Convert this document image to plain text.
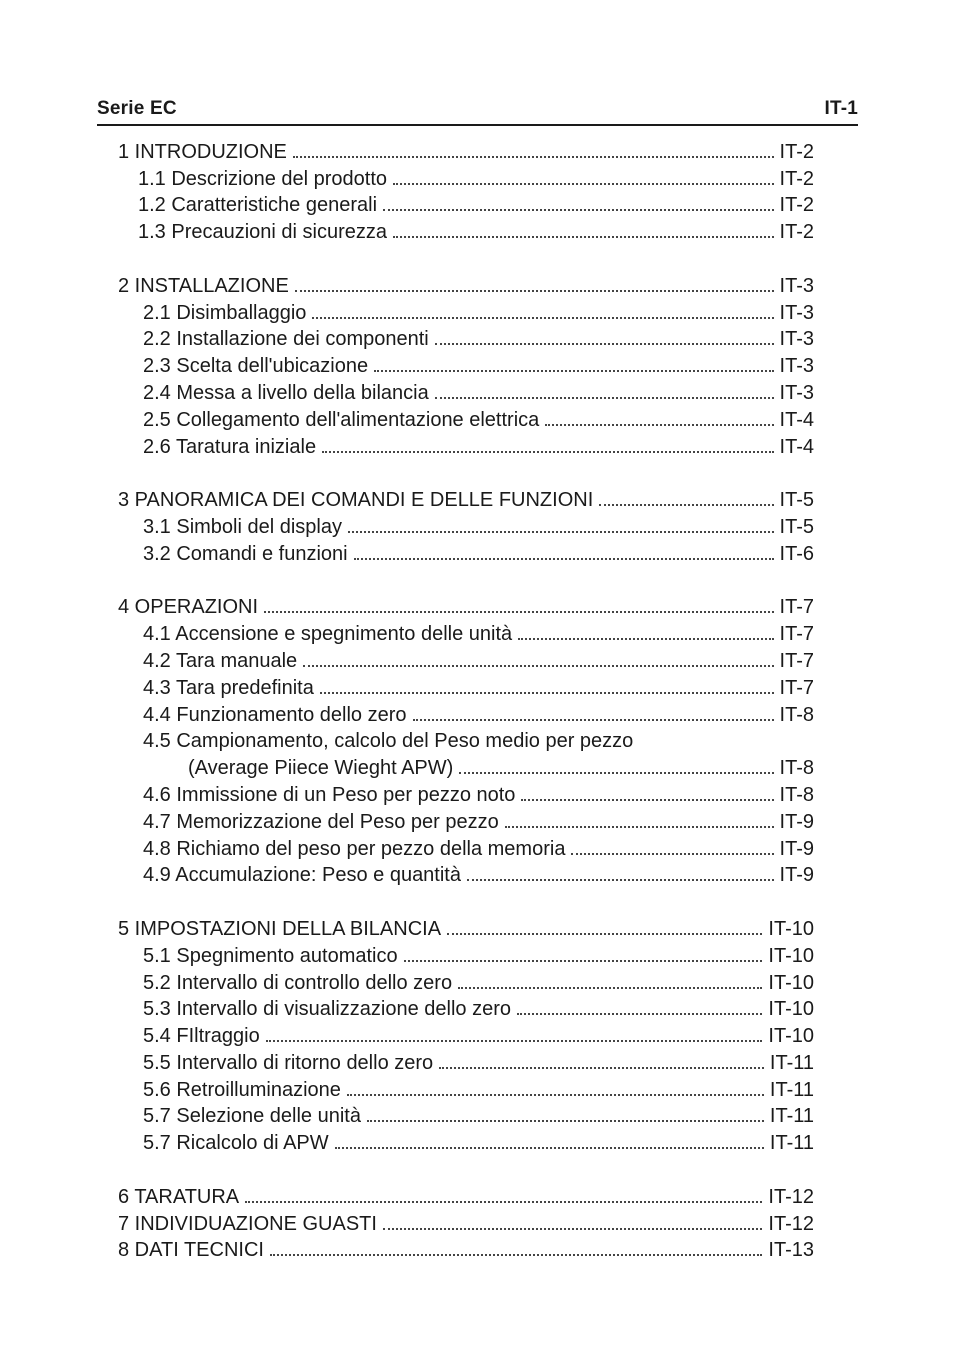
Serie EC	IT-1
1 INTRODUZIONE	IT-2
1.1 Descrizione del prodotto	IT-2
1.2 Caratteristiche generali	IT-2
1.3 Precauzioni di sicurezza	IT-2
2 INSTALLAZIONE	IT-3
2.1 Disimballaggio	IT-3
2.2 Installazione dei componenti	IT-3
2.3 Scelta dell'ubicazione	IT-3
2.4 Messa a livello della bilancia	IT-3
2.5 Collegamento dell'alimentazione elettrica	IT-4
2.6 Taratura iniziale	IT-4
3 PANORAMICA DEI COMANDI E DELLE FUNZIONI	IT-5
3.1 Simboli del display	IT-5
3.2 Comandi e funzioni	IT-6
4 OPERAZIONI	IT-7
4.1 Accensione e spegnimento delle unità	IT-7
4.2 Tara manuale	IT-7
4.3 Tara predefinita	IT-7
4.4 Funzionamento dello zero	IT-8
4.5 Campionamento, calcolo del Peso medio per pezzo
(Average Piiece Wieght APW)	IT-8
4.6 Immissione di un Peso per pezzo noto	IT-8
4.7 Memorizzazione del Peso per pezzo	IT-9
4.8 Richiamo del peso per pezzo della memoria	IT-9
4.9 Accumulazione: Peso e quantità	IT-9
5 IMPOSTAZIONI DELLA BILANCIA	IT-10
5.1 Spegnimento automatico	IT-10
5.2 Intervallo di controllo dello zero	IT-10
5.3 Intervallo di visualizzazione dello zero	IT-10
5.4 FIltraggio	IT-10
5.5 Intervallo di ritorno dello zero	IT-11
5.6 Retroilluminazione	IT-11
5.7 Selezione delle unità	IT-11
5.7 Ricalcolo di APW	IT-11
6 TARATURA	IT-12
7 INDIVIDUAZIONE GUASTI	IT-12
8 DATI TECNICI	IT-13
